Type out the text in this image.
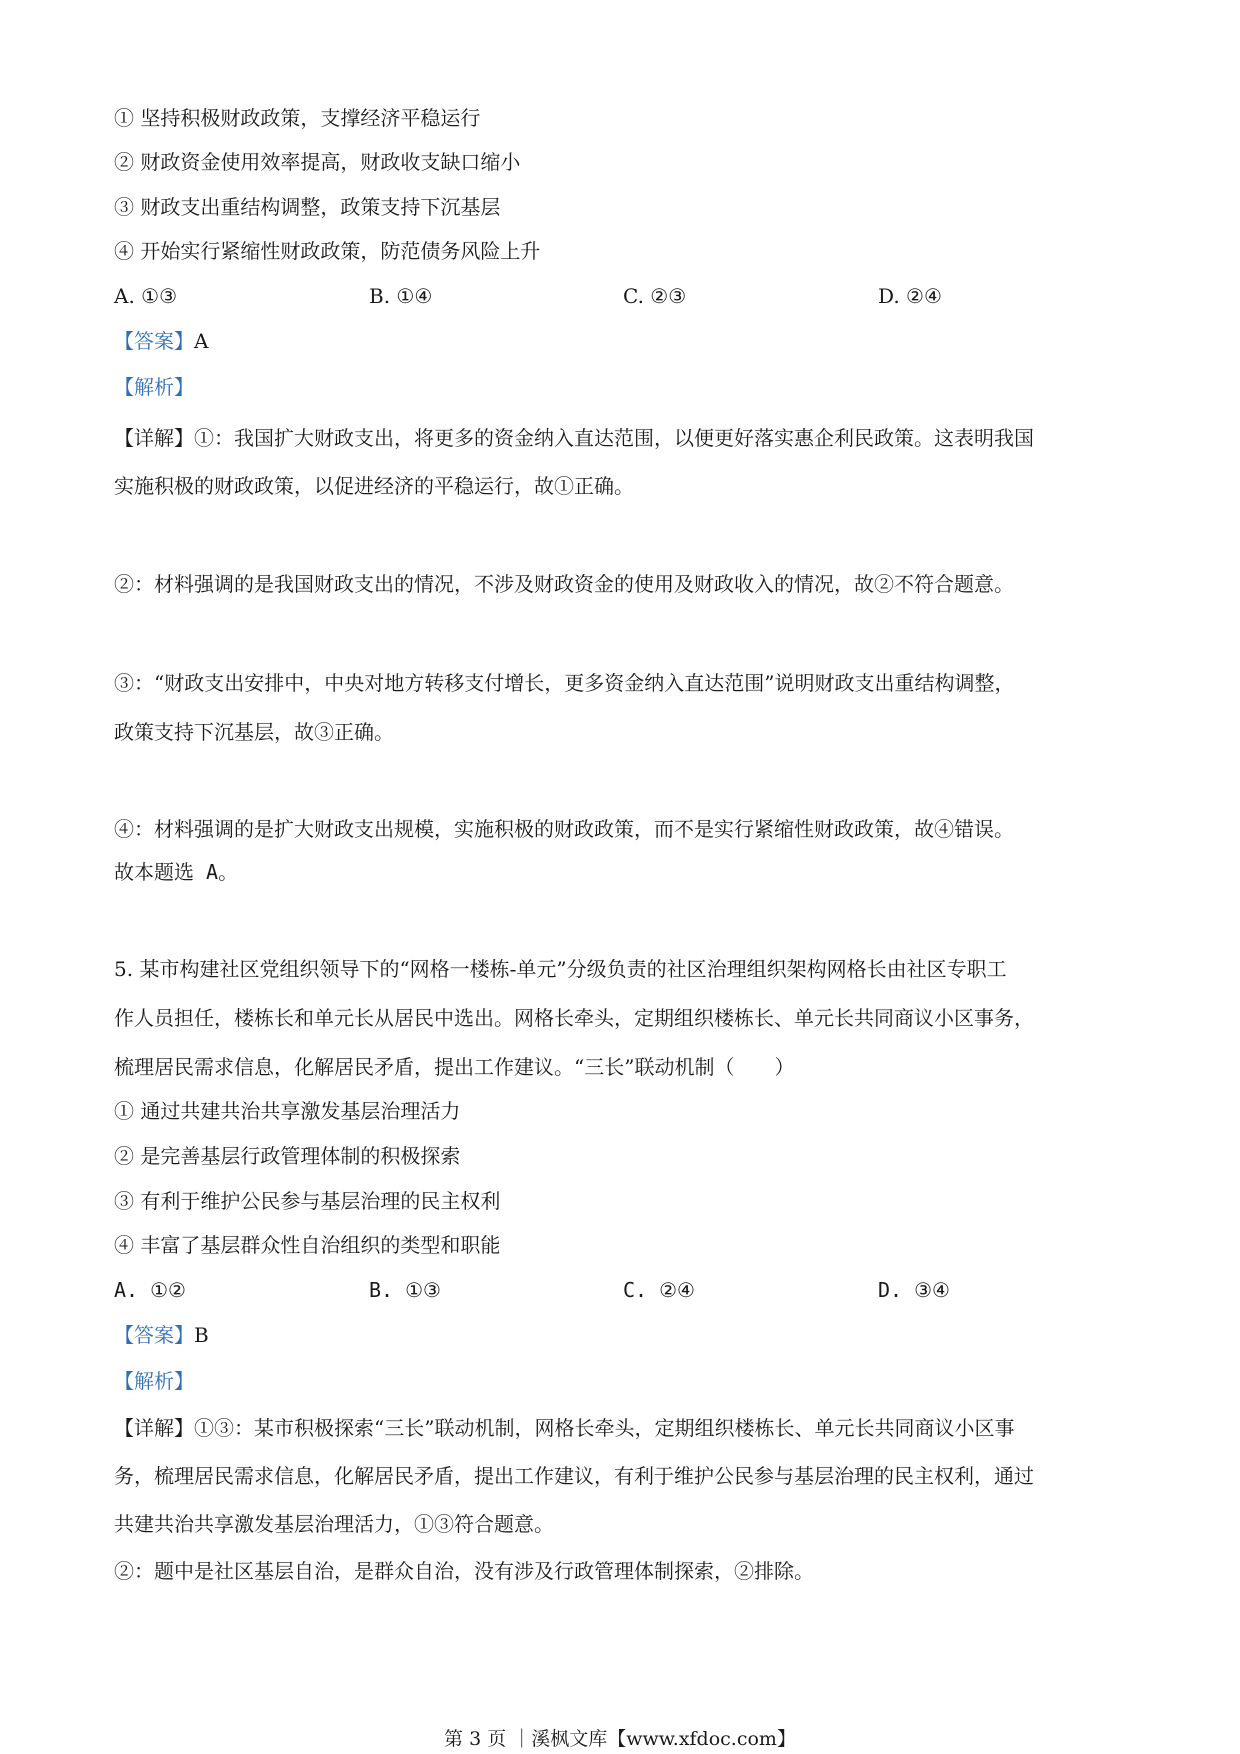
① 坚持积极财政政策，支撑经济平稳运行
② 财政资金使用效率提高，财政收支缺口缩小
③ 财政支出重结构调整，政策支持下沉基层
④ 开始实行紧缩性财政政策，防范债务风险上升
A. ①③	B. ①④	C. ②③	D. ②④
【答案】A
【解析】
【详解】①：我国扩大财政支出，将更多的资金纳入直达范围，以便更好落实惠企利民政策。这表明我国
实施积极的财政政策，以促进经济的平稳运行，故①正确。
②：材料强调的是我国财政支出的情况，不涉及财政资金的使用及财政收入的情况，故②不符合题意。
③：“财政支出安排中，中央对地方转移支付增长，更多资金纳入直达范围”说明财政支出重结构调整，
政策支持下沉基层，故③正确。
④：材料强调的是扩大财政支出规模，实施积极的财政政策，而不是实行紧缩性财政政策，故④错误。
故本题选 A。
5. 某市构建社区党组织领导下的“网格一楼栋-单元”分级负责的社区治理组织架构网格长由社区专职工
作人员担任，楼栋长和单元长从居民中选出。网格长牵头，定期组织楼栋长、单元长共同商议小区事务，
梳理居民需求信息，化解居民矛盾，提出工作建议。“三长”联动机制（　　）
① 通过共建共治共享激发基层治理活力
② 是完善基层行政管理体制的积极探索
③ 有利于维护公民参与基层治理的民主权利
④ 丰富了基层群众性自治组织的类型和职能
A. ①②	B. ①③	C. ②④	D. ③④
【答案】B
【解析】
【详解】①③：某市积极探索“三长”联动机制，网格长牵头，定期组织楼栋长、单元长共同商议小区事
务，梳理居民需求信息，化解居民矛盾，提出工作建议，有利于维护公民参与基层治理的民主权利，通过
共建共治共享激发基层治理活力，①③符合题意。
②：题中是社区基层自治，是群众自治，没有涉及行政管理体制探索，②排除。
第 3 页 ｜溪枫文库【www.xfdoc.com】
